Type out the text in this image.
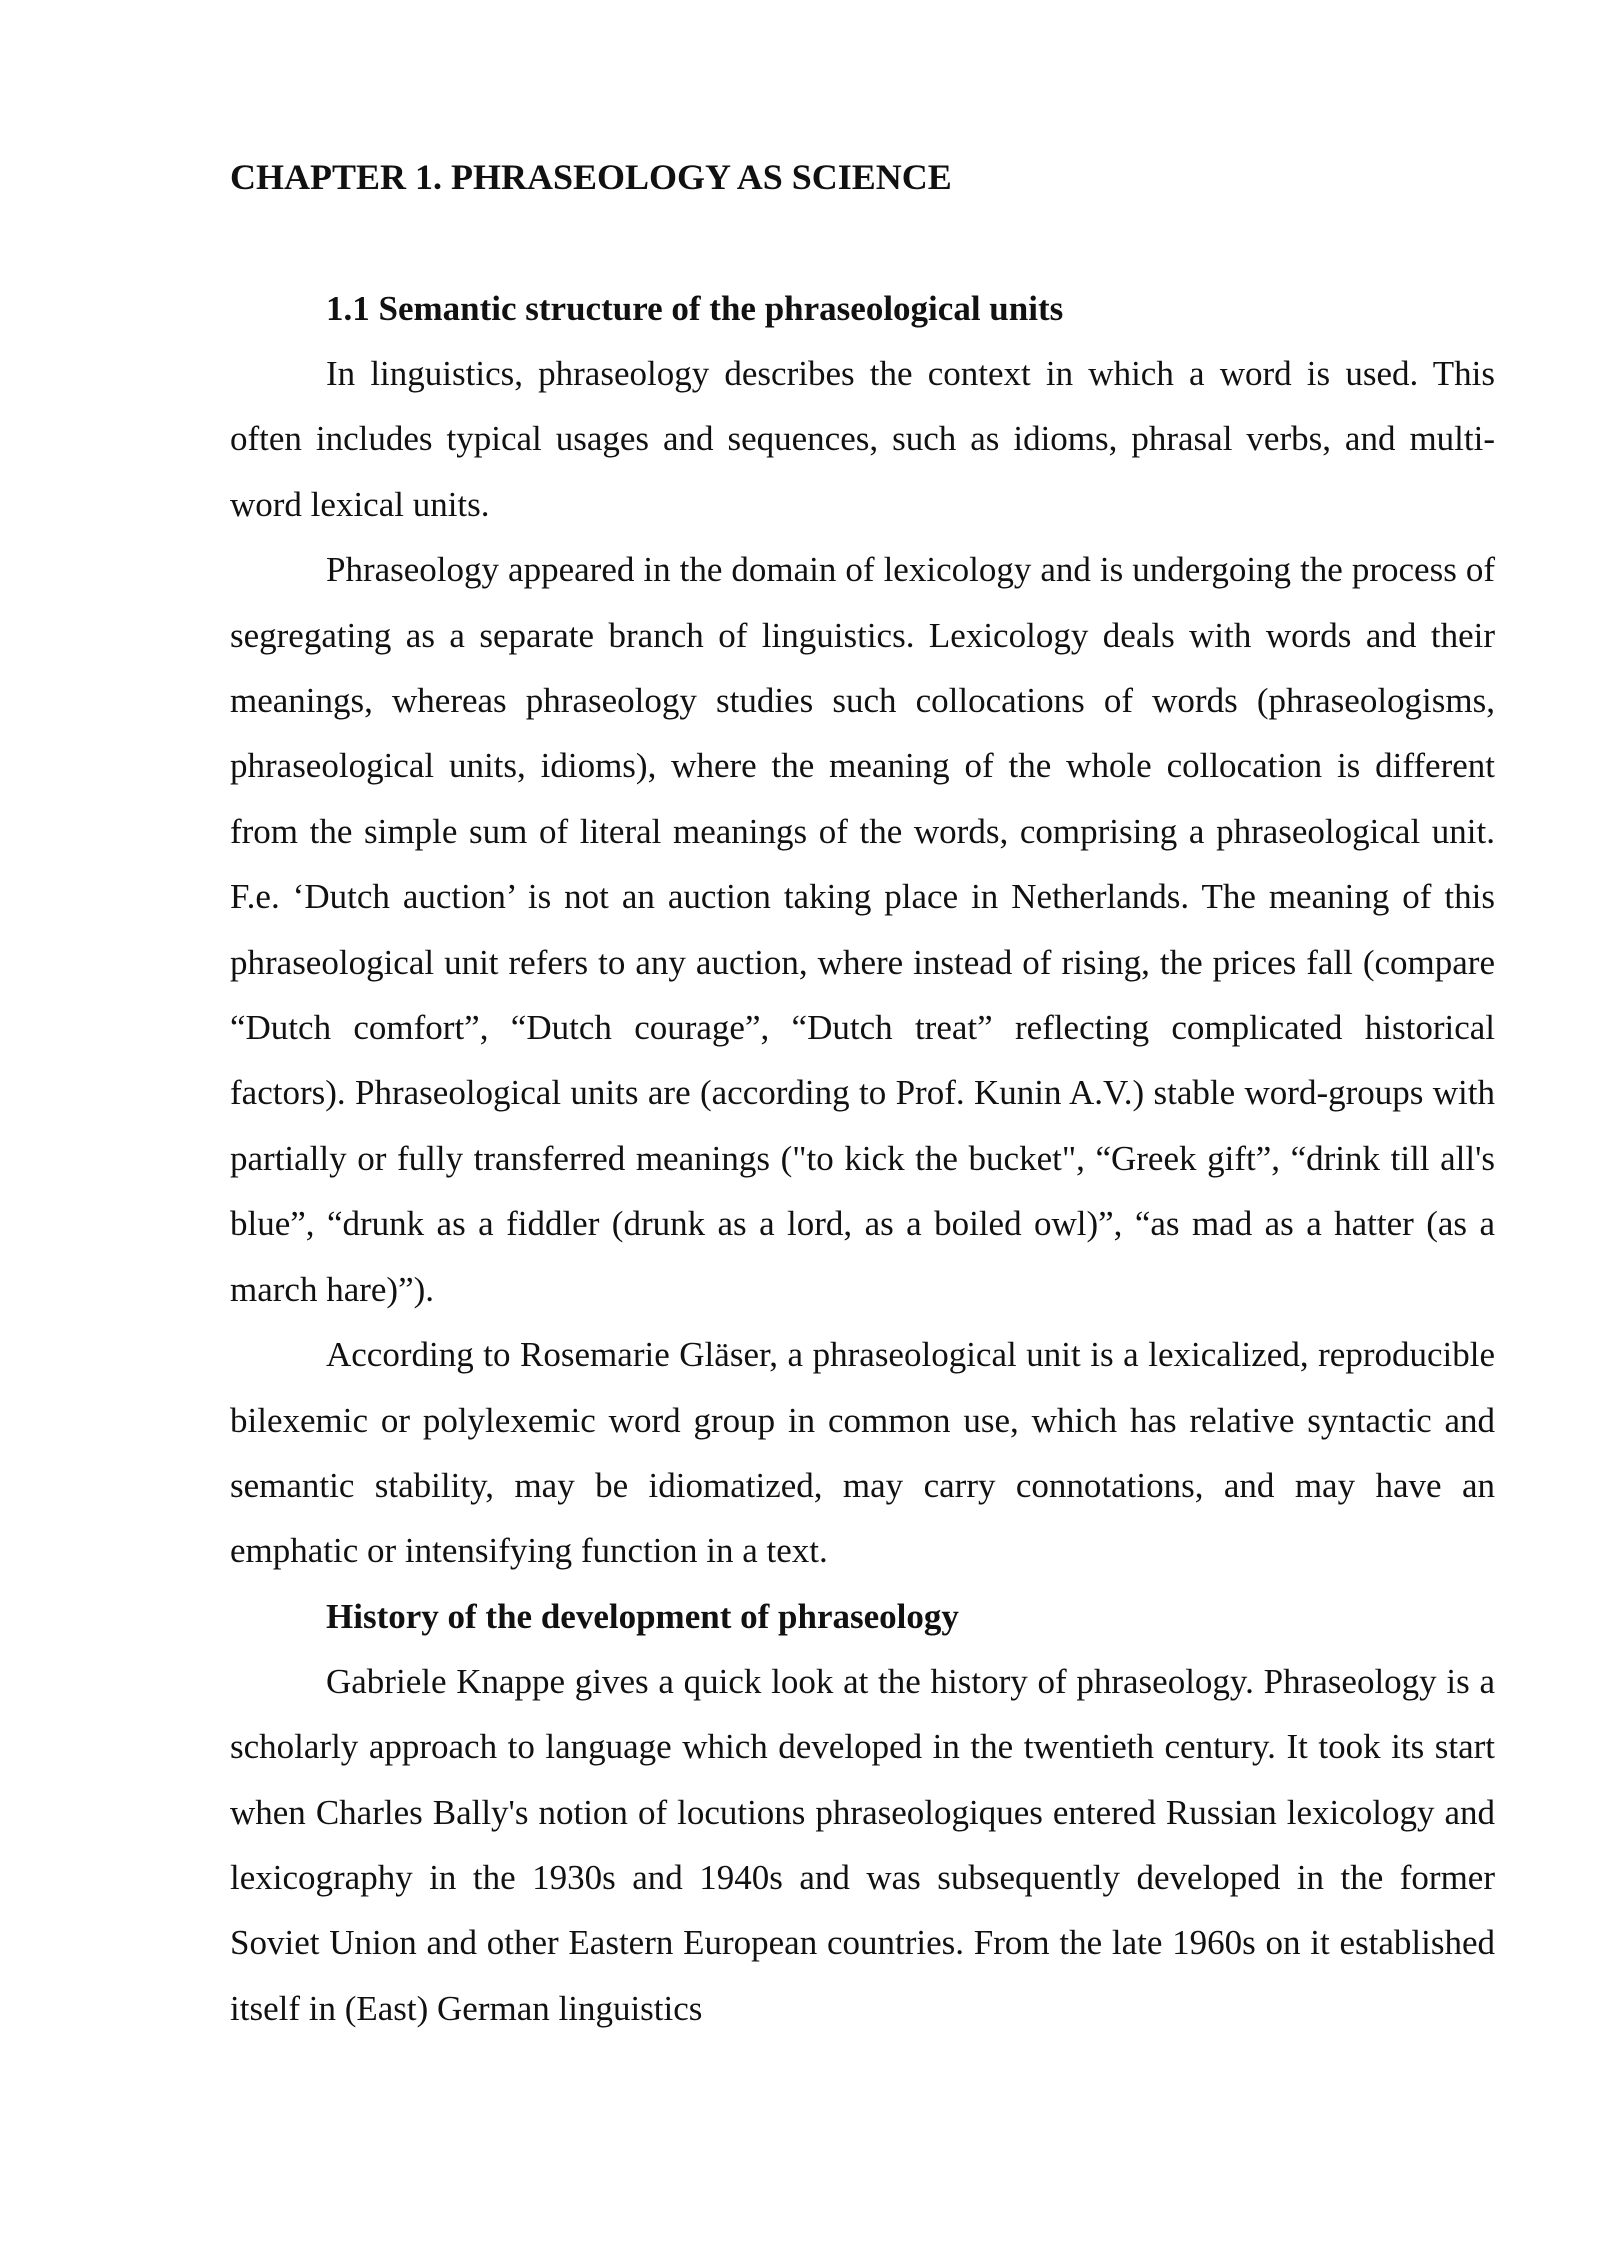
CHAPTER 1. PHRASEOLOGY AS SCIENCE
1.1 Semantic structure of the phraseological units

In linguistics, phraseology describes the context in which a word is used. This often includes typical usages and sequences, such as idioms, phrasal verbs, and multi-word lexical units.

Phraseology appeared in the domain of lexicology and is undergoing the process of segregating as a separate branch of linguistics. Lexicology deals with words and their meanings, whereas phraseology studies such collocations of words (phraseologisms, phraseological units, idioms), where the meaning of the whole collocation is different from the simple sum of literal meanings of the words, comprising a phraseological unit. F.e. ‘Dutch auction’ is not an auction taking place in Netherlands. The meaning of this phraseological unit refers to any auction, where instead of rising, the prices fall (compare “Dutch comfort”, “Dutch courage”, “Dutch treat” reflecting complicated historical factors). Phraseological units are (according to Prof. Kunin A.V.) stable word-groups with partially or fully transferred meanings ("to kick the bucket", “Greek gift”, “drink till all's blue”, “drunk as a fiddler (drunk as a lord, as a boiled owl)”, “as mad as a hatter (as a march hare)”).

According to Rosemarie Gläser, a phraseological unit is a lexicalized, reproducible bilexemic or polylexemic word group in common use, which has relative syntactic and semantic stability, may be idiomatized, may carry connotations, and may have an emphatic or intensifying function in a text.

History of the development of phraseology

Gabriele Knappe gives a quick look at the history of phraseology. Phraseology is a scholarly approach to language which developed in the twentieth century. It took its start when Charles Bally's notion of locutions phraseologiques entered Russian lexicology and lexicography in the 1930s and 1940s and was subsequently developed in the former Soviet Union and other Eastern European countries. From the late 1960s on it established itself in (East) German linguistics
